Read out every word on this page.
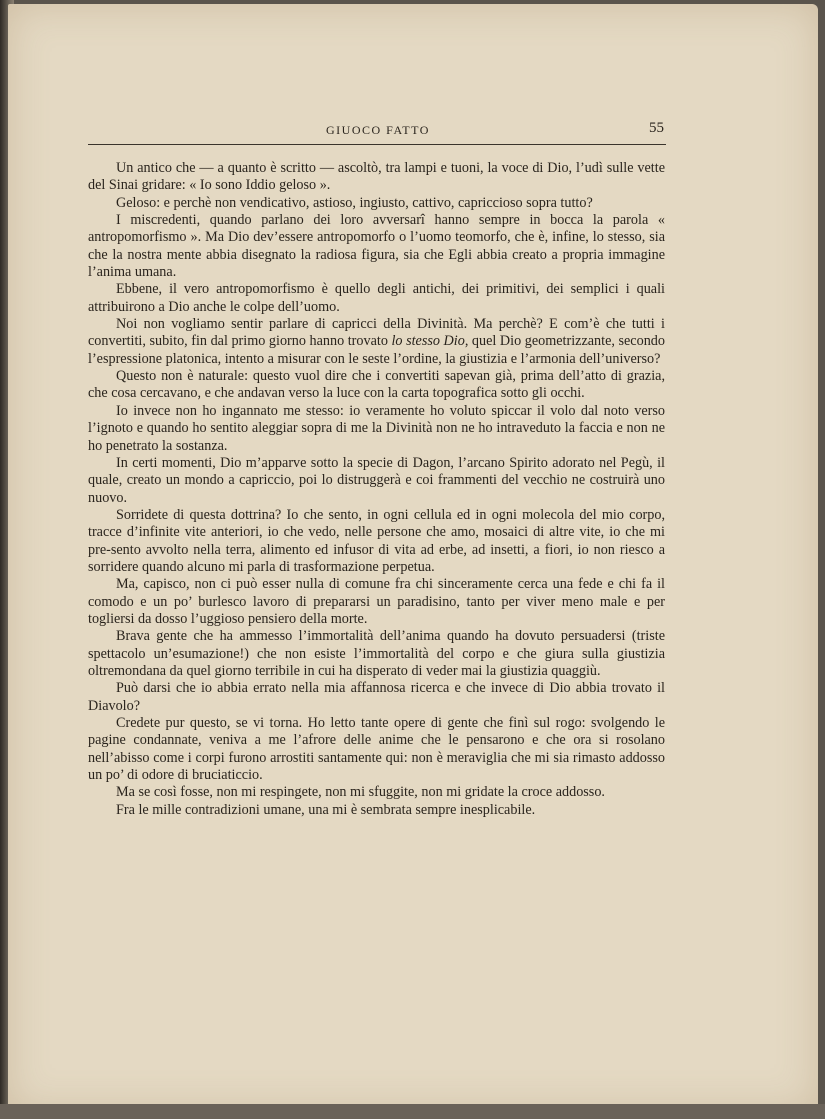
GIUOCO FATTO	55

Un antico che — a quanto è scritto — ascoltò, tra lampi e tuoni, la voce di Dio, l’udì sulle vette del Sinai gridare: « Io sono Iddio geloso ».

Geloso: e perchè non vendicativo, astioso, ingiusto, cattivo, capriccioso sopra tutto?

I miscredenti, quando parlano dei loro avversarî hanno sempre in bocca la parola « antropomorfismo ». Ma Dio dev’essere antropomorfo o l’uomo teomorfo, che è, infine, lo stesso, sia che la nostra mente abbia disegnato la radiosa figura, sia che Egli abbia creato a propria immagine l’anima umana.

Ebbene, il vero antropomorfismo è quello degli antichi, dei primitivi, dei semplici i quali attribuirono a Dio anche le colpe dell’uomo.

Noi non vogliamo sentir parlare di capricci della Divinità. Ma perchè? E com’è che tutti i convertiti, subito, fin dal primo giorno hanno trovato lo stesso Dio, quel Dio geometrizzante, secondo l’espressione platonica, intento a misurar con le seste l’ordine, la giustizia e l’armonia dell’universo?

Questo non è naturale: questo vuol dire che i convertiti sapevan già, prima dell’atto di grazia, che cosa cercavano, e che andavan verso la luce con la carta topografica sotto gli occhi.

Io invece non ho ingannato me stesso: io veramente ho voluto spiccar il volo dal noto verso l’ignoto e quando ho sentito aleggiar sopra di me la Divinità non ne ho intraveduto la faccia e non ne ho penetrato la sostanza.

In certi momenti, Dio m’apparve sotto la specie di Dagon, l’arcano Spirito adorato nel Pegù, il quale, creato un mondo a capriccio, poi lo distruggerà e coi frammenti del vecchio ne costruirà uno nuovo.

Sorridete di questa dottrina? Io che sento, in ogni cellula ed in ogni molecola del mio corpo, tracce d’infinite vite anteriori, io che vedo, nelle persone che amo, mosaici di altre vite, io che mi pre-sento avvolto nella terra, alimento ed infusor di vita ad erbe, ad insetti, a fiori, io non riesco a sorridere quando alcuno mi parla di trasformazione perpetua.

Ma, capisco, non ci può esser nulla di comune fra chi sinceramente cerca una fede e chi fa il comodo e un po’ burlesco lavoro di prepararsi un paradisino, tanto per viver meno male e per togliersi da dosso l’uggioso pensiero della morte.

Brava gente che ha ammesso l’immortalità dell’anima quando ha dovuto persuadersi (triste spettacolo un’esumazione!) che non esiste l’immortalità del corpo e che giura sulla giustizia oltremondana da quel giorno terribile in cui ha disperato di veder mai la giustizia quaggiù.

Può darsi che io abbia errato nella mia affannosa ricerca e che invece di Dio abbia trovato il Diavolo?

Credete pur questo, se vi torna. Ho letto tante opere di gente che finì sul rogo: svolgendo le pagine condannate, veniva a me l’afrore delle anime che le pensarono e che ora si rosolano nell’abisso come i corpi furono arrostiti santamente qui: non è meraviglia che mi sia rimasto addosso un po’ di odore di bruciaticcio.

Ma se così fosse, non mi respingete, non mi sfuggite, non mi gridate la croce addosso.

Fra le mille contradizioni umane, una mi è sembrata sempre inesplicabile.
